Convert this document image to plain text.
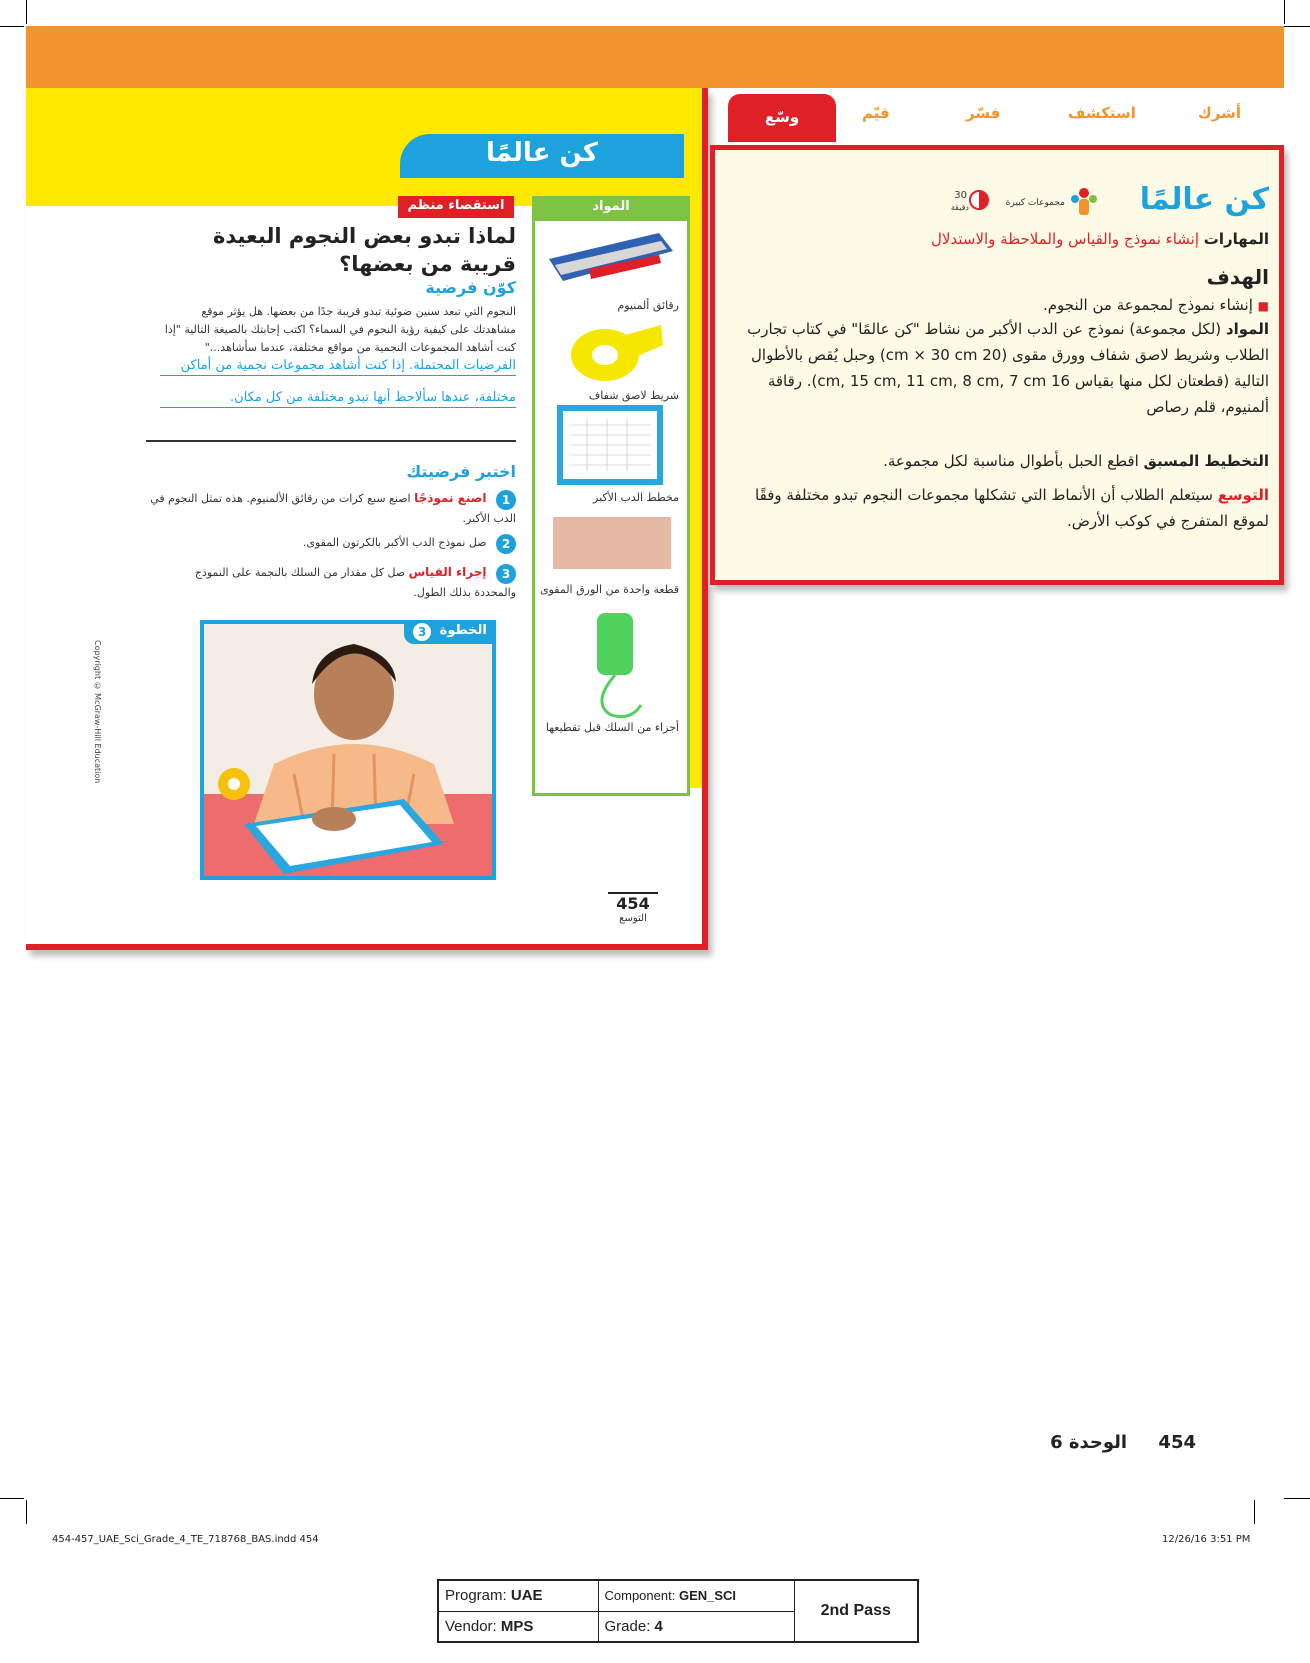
كن عالمًا
استقصاء منظم
لماذا تبدو بعض النجوم البعيدة قريبة من بعضها؟
كوّن فرضية
النجوم التي تبعد سنين ضوئية تبدو قريبة جدًا من بعضها. هل يؤثر موقع مشاهدتك على كيفية رؤية النجوم في السماء؟ اكتب إجابتك بالصيغة التالية "إذا كنت أشاهد المجموعات النجمية من مواقع مختلفة، عندما سأشاهد..."
الفرضيات المحتملة. إذا كنت أشاهد مجموعات نجمية من أماكن
مختلفة، عندها سألاحظ أنها تبدو مختلفة من كل مكان.
اختبر فرضيتك
1 اصنع نموذجًا اصنع سبع كرات من رقائق الألمنيوم. هذه تمثل النجوم في الدب الأكبر.
2 صل نموذج الدب الأكبر بالكرتون المقوى.
3 إجراء القياس صل كل مقدار من السلك بالنجمة على النموذج والمحددة بذلك الطول.
الخطوة 3
Copyright © McGraw-Hill Education
المواد
رقائق ألمنيوم
شريط لاصق شفاف
مخطط الدب الأكبر
قطعة واحدة من الورق المقوى
أجزاء من السلك قبل تقطيعها
454
التوسع
وسّع	قيّم	فسّر	استكشف	أشرك
كن عالمًا
مجموعات كبيرة
30
دقيقة
المهارات إنشاء نموذج والقياس والملاحظة والاستدلال
الهدف
■ إنشاء نموذج لمجموعة من النجوم.
المواد (لكل مجموعة) نموذج عن الدب الأكبر من نشاط "كن عالمًا" في كتاب تجارب الطلاب وشريط لاصق شفاف وورق مقوى (20 cm × 30 cm) وحبل يُقص بالأطوال التالية (قطعتان لكل منها بقياس 16 cm, 15 cm, 11 cm, 8 cm, 7 cm). رقاقة ألمنيوم، قلم رصاص
التخطيط المسبق اقطع الحبل بأطوال مناسبة لكل مجموعة.
التوسع سيتعلم الطلاب أن الأنماط التي تشكلها مجموعات النجوم تبدو مختلفة وفقًا لموقع المتفرج في كوكب الأرض.
454     الوحدة 6
454-457_UAE_Sci_Grade_4_TE_718768_BAS.indd 454	12/26/16 3:51 PM
Program: UAE	Component: GEN_SCI	2nd Pass
Vendor: MPS	Grade: 4	
